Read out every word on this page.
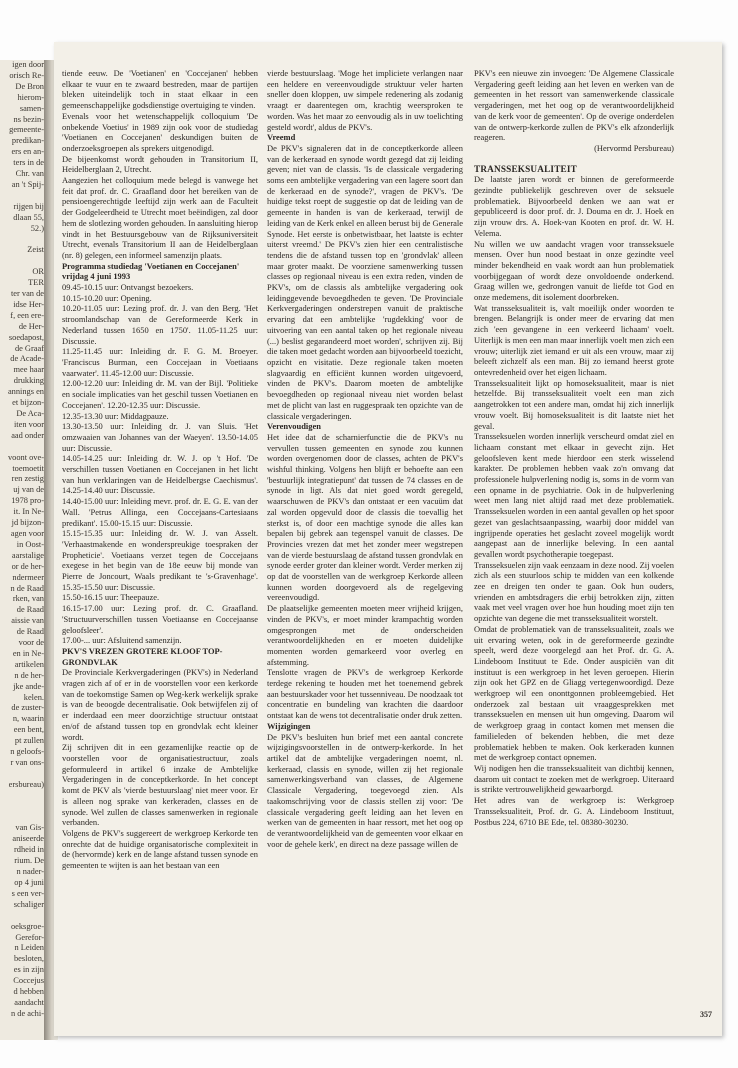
igen door
orisch Re-
De Bron
hierom-
samen-
ns bezin-
gemeente-
predikan-
ers en an-
ters in de
Chr. van
an 't Spij-

rijgen bij
dlaan 55,
52.)

Zeist

OR
TER
ter van de
idse Her-
f, een ere-
de Her-
soedapost,
de Graaf
de Acade-
mee haar
drukking
annings en
et bijzon-
De Aca-
iten voor
aad onder

voont ove-
toemoetit
ren zestig
uj van de
1978 pro-
it. In Ne-
jd bijzon-
agen voor
in Oost-
aarstalige
or de her-
ndermeer
n de Raad
rken, van
de Raad
aissie van
de Raad
voor de
en in Ne-
artikelen
n de her-
jke ande-
kelen.
de zuster-
n, waarin
een bent,
pt zullen
n geloofs-
r van ons-

ersbureau)

van Gis-
aniseerde
rdheid in
rium. De
n nader-
op 4 juni
s een ver-
schaliger

oeksgroe-
Gerefor-
n Leiden
besloten,
es in zijn
Coccejus
d hebben
aandacht
n de achi-

tiende eeuw. De 'Voetianen' en 'Coccejanen' hebben elkaar te vuur en te zwaard bestreden, maar de partijen bleken uiteindelijk toch in staat elkaar in een gemeenschappelijke godsdienstige overtuiging te vinden.

Evenals voor het wetenschappelijk colloquium 'De onbekende Voetius' in 1989 zijn ook voor de studiedag 'Voetianen en Coccejanen' deskundigen buiten de onderzoeksgroepen als sprekers uitgenodigd.

De bijeenkomst wordt gehouden in Transitorium II, Heidelberglaan 2, Utrecht.

Aangezien het colloquium mede belegd is vanwege het feit dat prof. dr. C. Graafland door het bereiken van de pensioengerechtigde leeftijd zijn werk aan de Faculteit der Godgeleerdheid te Utrecht moet beëindigen, zal door hem de slotlezing worden gehouden. In aansluiting hierop vindt in het Bestuursgebouw van de Rijksuniversiteit Utrecht, evenals Transitorium II aan de Heidelberglaan (nr. 8) gelegen, een informeel samenzijn plaats.

Programma studiedag 'Voetianen en Coccejanen' vrijdag 4 juni 1993

09.45-10.15 uur: Ontvangst bezoekers.

10.15-10.20 uur: Opening.

10.20-11.05 uur: Lezing prof. dr. J. van den Berg. 'Het stroomlandschap van de Gereformeerde Kerk in Nederland tussen 1650 en 1750'. 11.05-11.25 uur: Discussie.

11.25-11.45 uur: Inleiding dr. F. G. M. Broeyer. 'Franciscus Burman, een Coccejaan in Voetiaans vaarwater'. 11.45-12.00 uur: Discussie.

12.00-12.20 uur: Inleiding dr. M. van der Bijl. 'Politieke en sociale implicaties van het geschil tussen Voetianen en Coccejanen'. 12.20-12.35 uur: Discussie.

12.35-13.30 uur: Middagpauze.

13.30-13.50 uur: Inleiding dr. J. van Sluis. 'Het omzwaaien van Johannes van der Waeyen'. 13.50-14.05 uur: Discussie.

14.05-14.25 uur: Inleiding dr. W. J. op 't Hof. 'De verschillen tussen Voetianen en Coccejanen in het licht van hun verklaringen van de Heidelbergse Caechismus'. 14.25-14.40 uur: Discussie.

14.40-15.00 uur: Inleiding mevr. prof. dr. E. G. E. van der Wall. 'Petrus Allinga, een Coccejaans-Cartesiaans predikant'. 15.00-15.15 uur: Discussie.

15.15-15.35 uur: Inleiding dr. W. J. van Asselt. 'Verhaastmakende en wonderspreukige toespraken der Propheticie'. Voetiaans verzet tegen de Coccejaans exegese in het begin van de 18e eeuw bij monde van Pierre de Joncourt, Waals predikant te 's-Gravenhage'. 15.35-15.50 uur: Discussie.

15.50-16.15 uur: Theepauze.

16.15-17.00 uur: Lezing prof. dr. C. Graafland. 'Structuurverschillen tussen Voetiaanse en Coccejaanse geloofsleer'.

17.00-... uur: Afsluitend samenzijn.

PKV'S VREZEN GROTERE KLOOF TOP-GRONDVLAK

De Provinciale Kerkvergaderingen (PKV's) in Nederland vragen zich af of er in de voorstellen voor een kerkorde van de toekomstige Samen op Weg-kerk werkelijk sprake is van de beoogde decentralisatie. Ook betwijfelen zij of er inderdaad een meer doorzichtige structuur ontstaat en/of de afstand tussen top en grondvlak echt kleiner wordt.

Zij schrijven dit in een gezamenlijke reactie op de voorstellen voor de organisatiestructuur, zoals geformuleerd in artikel 6 inzake de Ambtelijke Vergaderingen in de conceptkerkorde. In het concept komt de PKV als 'vierde bestuurslaag' niet meer voor. Er is alleen nog sprake van kerkeraden, classes en de synode. Wel zullen de classes samenwerken in regionale verbanden.

Volgens de PKV's suggereert de werkgroep Kerkorde ten onrechte dat de huidige organisatorische complexiteit in de (hervormde) kerk en de lange afstand tussen synode en gemeenten te wijten is aan het bestaan van een

vierde bestuurslaag. 'Moge het impliciete verlangen naar een heldere en vereenvoudigde struktuur veler harten sneller doen kloppen, uw simpele redenering als zodanig vraagt er daarentegen om, krachtig weersproken te worden. Was het maar zo eenvoudig als in uw toelichting gesteld wordt', aldus de PKV's.

Vreemd

De PKV's signaleren dat in de conceptkerkorde alleen van de kerkeraad en synode wordt gezegd dat zij leiding geven; niet van de classis. 'Is de classicale vergadering soms een ambtelijke vergadering van een lagere soort dan de kerkeraad en de synode?', vragen de PKV's. 'De huidige tekst roept de suggestie op dat de leiding van de gemeente in handen is van de kerkeraad, terwijl de leiding van de Kerk enkel en alleen berust bij de Generale Synode. Het eerste is onbetwistbaar, het laatste is echter uiterst vreemd.' De PKV's zien hier een centralistische tendens die de afstand tussen top en 'grondvlak' alleen maar groter maakt. De voorziene samenwerking tussen classes op regionaal niveau is een extra reden, vinden de PKV's, om de classis als ambtelijke vergadering ook leidinggevende bevoegdheden te geven. 'De Provinciale Kerkvergaderingen onderstrepen vanuit de praktische ervaring dat een ambtelijke 'rugdekking' voor de uitvoering van een aantal taken op het regionale niveau (...) beslist gegarandeerd moet worden', schrijven zij. Bij die taken moet gedacht worden aan bijvoorbeeld toezicht, opzicht en visitatie. Deze regionale taken moeten slagvaardig en efficiënt kunnen worden uitgevoerd, vinden de PKV's. Daarom moeten de ambtelijke bevoegdheden op regionaal niveau niet worden belast met de plicht van last en ruggespraak ten opzichte van de classicale vergaderingen.

Verenvoudigen

Het idee dat de scharnierfunctie die de PKV's nu vervullen tussen gemeenten en synode zou kunnen worden overgenomen door de classes, achten de PKV's wishful thinking. Volgens hen blijft er behoefte aan een 'bestuurlijk integratiepunt' dat tussen de 74 classes en de synode in ligt. Als dat niet goed wordt geregeld, waarschuwen de PKV's dan ontstaat er een vacuüm dat zal worden opgevuld door de classis die toevallig het sterkst is, of door een machtige synode die alles kan bepalen bij gebrek aan tegenspel vanuit de classes. De Provincies vrezen dat met het zonder meer wegstrepen van de vierde bestuurslaag de afstand tussen grondvlak en synode eerder groter dan kleiner wordt. Verder merken zij op dat de voorstellen van de werkgroep Kerkorde alleen kunnen worden doorgevoerd als de regelgeving vereenvoudigd.

De plaatselijke gemeenten moeten meer vrijheid krijgen, vinden de PKV's, er moet minder krampachtig worden omgesprongen met de onderscheiden verantwoordelijkheden en er moeten duidelijke momenten worden gemarkeerd voor overleg en afstemming.

Tenslotte vragen de PKV's de werkgroep Kerkorde terdege rekening te houden met het toenemend gebrek aan bestuurskader voor het tussenniveau. De noodzaak tot concentratie en bundeling van krachten die daardoor ontstaat kan de wens tot decentralisatie onder druk zetten.

Wijzigingen

De PKV's besluiten hun brief met een aantal concrete wijzigingsvoorstellen in de ontwerp-kerkorde. In het artikel dat de ambtelijke vergaderingen noemt, nl. kerkeraad, classis en synode, willen zij het regionale samenwerkingsverband van classes, de Algemene Classicale Vergadering, toegevoegd zien. Als taakomschrijving voor de classis stellen zij voor: 'De classicale vergadering geeft leiding aan het leven en werken van de gemeenten in haar ressort, met het oog op de verantwoordelijkheid van de gemeenten voor elkaar en voor de gehele kerk', en direct na deze passage willen de

PKV's een nieuwe zin invoegen: 'De Algemene Classicale Vergadering geeft leiding aan het leven en werken van de gemeenten in het ressort van samenwerkende classicale vergaderingen, met het oog op de verantwoordelijkheid van de kerk voor de gemeenten'. Op de overige onderdelen van de ontwerp-kerkorde zullen de PKV's elk afzonderlijk reageren.

(Hervormd Persbureau)

TRANSSEKSUALITEIT

De laatste jaren wordt er binnen de gereformeerde gezindte publiekelijk geschreven over de seksuele problematiek. Bijvoorbeeld denken we aan wat er gepubliceerd is door prof. dr. J. Douma en dr. J. Hoek en zijn vrouw drs. A. Hoek-van Kooten en prof. dr. W. H. Velema.

Nu willen we uw aandacht vragen voor transseksuele mensen. Over hun nood bestaat in onze gezindte veel minder bekendheid en vaak wordt aan hun problematiek voorbijgegaan of wordt deze onvoldoende onderkend. Graag willen we, gedrongen vanuit de liefde tot God en onze medemens, dit isolement doorbreken.

Wat transseksualiteit is, valt moeilijk onder woorden te brengen. Belangrijk is onder meer de ervaring dat men zich 'een gevangene in een verkeerd lichaam' voelt. Uiterlijk is men een man maar innerlijk voelt men zich een vrouw; uiterlijk ziet iemand er uit als een vrouw, maar zij beleeft zichzelf als een man. Bij zo iemand heerst grote ontevredenheid over het eigen lichaam.

Transseksualiteit lijkt op homoseksualiteit, maar is niet hetzelfde. Bij transseksualiteit voelt een man zich aangetrokken tot een andere man, omdat hij zich innerlijk vrouw voelt. Bij homoseksualiteit is dit laatste niet het geval.

Transseksuelen worden innerlijk verscheurd omdat ziel en lichaam constant met elkaar in gevecht zijn. Het geloofsleven kent mede hierdoor een sterk wisselend karakter. De problemen hebben vaak zo'n omvang dat professionele hulpverlening nodig is, soms in de vorm van een opname in de psychiatrie. Ook in de hulpverlening weet men lang niet altijd raad met deze problematiek. Transseksuelen worden in een aantal gevallen op het spoor gezet van geslachtsaanpassing, waarbij door middel van ingrijpende operaties het geslacht zoveel mogelijk wordt aangepast aan de innerlijke beleving. In een aantal gevallen wordt psychotherapie toegepast.

Transseksuelen zijn vaak eenzaam in deze nood. Zij voelen zich als een stuurloos schip te midden van een kolkende zee en dreigen ten onder te gaan. Ook hun ouders, vrienden en ambtsdragers die erbij betrokken zijn, zitten vaak met veel vragen over hoe hun houding moet zijn ten opzichte van degene die met transseksualiteit worstelt.

Omdat de problematiek van de transseksualiteit, zoals we uit ervaring weten, ook in de gereformeerde gezindte speelt, werd deze voorgelegd aan het Prof. dr. G. A. Lindeboom Instituut te Ede. Onder auspiciën van dit instituut is een werkgroep in het leven geroepen. Hierin zijn ook het GPZ en de Gliagg vertegenwoordigd. Deze werkgroep wil een ononttgonnen probleemgebied. Het onderzoek zal bestaan uit vraaggesprekken met transseksuelen en mensen uit hun omgeving. Daarom wil de werkgroep graag in contact komen met mensen die familieleden of bekenden hebben, die met deze problematiek hebben te maken. Ook kerkeraden kunnen met de werkgroep contact opnemen.

Wij nodigen hen die transseksualiteit van dichtbij kennen, daarom uit contact te zoeken met de werkgroep. Uiteraard is strikte vertrouwelijkheid gewaarborgd.

Het adres van de werkgroep is: Werkgroep Transseksualiteit, Prof. dr. G. A. Lindeboom Instituut, Postbus 224, 6710 BE Ede, tel. 08380-30230.

357
